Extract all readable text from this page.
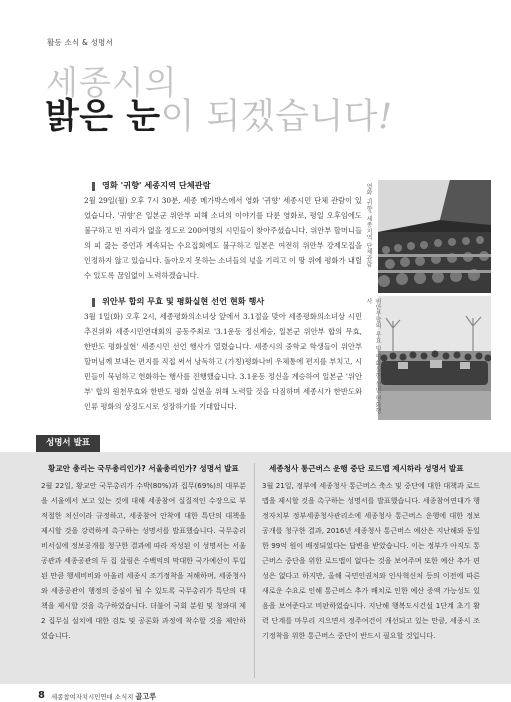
활동 소식 & 성명서
세종시의
밝은 눈이 되겠습니다!
영화 '귀향' 세종지역 단체관람
2월 29일(월) 오후 7시 30분, 세종 메가박스에서 영화 '귀향' 세종시민 단체 관람이 있었습니다. '귀향'은 일본군 위안부 피해 소녀의 이야기를 다룬 영화로, 평일 오후임에도 불구하고 빈 자리가 없을 정도로 200여명의 시민들이 찾아주셨습니다. 위안부 할머니들의 피 끓는 증언과 계속되는 수요집회에도 불구하고 일본은 여전히 위안부 강제모집을 인정하지 않고 있습니다. 돌아오지 못하는 소녀들의 넋을 기리고 이 땅 위에 평화가 내릴 수 있도록 끊임없이 노력하겠습니다.
영화 '귀향' 세종지역 단체관람
위안부 합의 무효 및 평화실현 선언 현화 행사
3월 1일(화) 오후 2시, 세종평화의소녀상 앞에서 3.1절을 맞아 세종평화의소녀상 시민추진위와 세종시민연대회의 공동주최로 '3.1운동 정신계승, 일본군 위안부 합의 무효, 한반도 평화실현' 세종시민 선언 행사가 열렸습니다. 세종시의 중학교 학생들이 위안부 할머님께 보내는 편지를 직접 써서 낭독하고 (가칭)평화나비 우체통에 편지를 부치고, 시민들이 묵념하고 헌화하는 행사를 진행했습니다. 3.1운동 정신을 계승하여 일본군 '위안부' 합의 원천무효와 한반도 평화 실현을 위해 노력할 것을 다짐하며 세종시가 한반도와 인류 평화의 상징도시로 성장하기를 기대합니다.	위안부합의 무효 및 평화실현 선언 현화행사
성명서 발표
황교안 총리는 국무총리인가? 서울총리인가? 성명서 발표
2월 22일, 황교안 국무총리가 수박(80%)과 집무(69%)의 대부분을 서울에서 보고 있는 것에 대해 세종참여 실질적인 수장으로 부적절한 처신이라 규정하고, 세종참여 안착에 대한 특단의 대책을 제시할 것을 강력하게 촉구하는 성명서를 발표했습니다. 국무총리 비서실에 정보공개를 청구한 결과에 따라 작성된 이 성명서는 서울공관과 세종공관의 두 집 살림은 수백억의 막대한 국가예산이 투입된 만큼 행세비비와 아울러 세종시 조기정착을 저해하며, 세종청사와 세종공관이 행정의 중심이 될 수 있도록 국무총리가 특단의 대책을 제시할 것을 촉구하였습니다. 더불어 국회 분원 및 청와대 제 2 집무실 설치에 대한 검토 및 공론화 과정에 착수할 것을 제안하였습니다.
세종청사 통근버스 운행 중단 로드맵 제시하라 성명서 발표
3월 21일, 정부에 세종청사 통근버스 축소 및 중단에 대한 대책과 로드맵을 제시할 것을 촉구하는 성명서를 발표했습니다. 세종참여연대가 행정자치부 정부세종청사관리소에 세종청사 통근버스 운행에 대한 정보공개를 청구한 결과, 2016년 세종청사 통근버스 예산은 지난해와 동일한 99억 원이 배정되었다는 답변을 받았습니다. 이는 정부가 아직도 통근버스 중단을 위한 로드맵이 없다는 것을 보여주며 또한 예산 추가 편성은 없다고 하지만, 올해 국민인권처와 인사혁신처 등의 이전에 따른 새로운 수요로 인해 통근버스 추가 배치로 인한 예산 증액 가능성도 있음을 보여준다고 비판하였습니다. 지난해 행복도시건설 1단계 초기 활력 단계를 마무리 지으면서 정주여건이 개선되고 있는 만큼, 세종시 조기정착을 위한 통근버스 중단이 반드시 필요할 것입니다.
8 세종참여자치시민연대 소식지 골고루
